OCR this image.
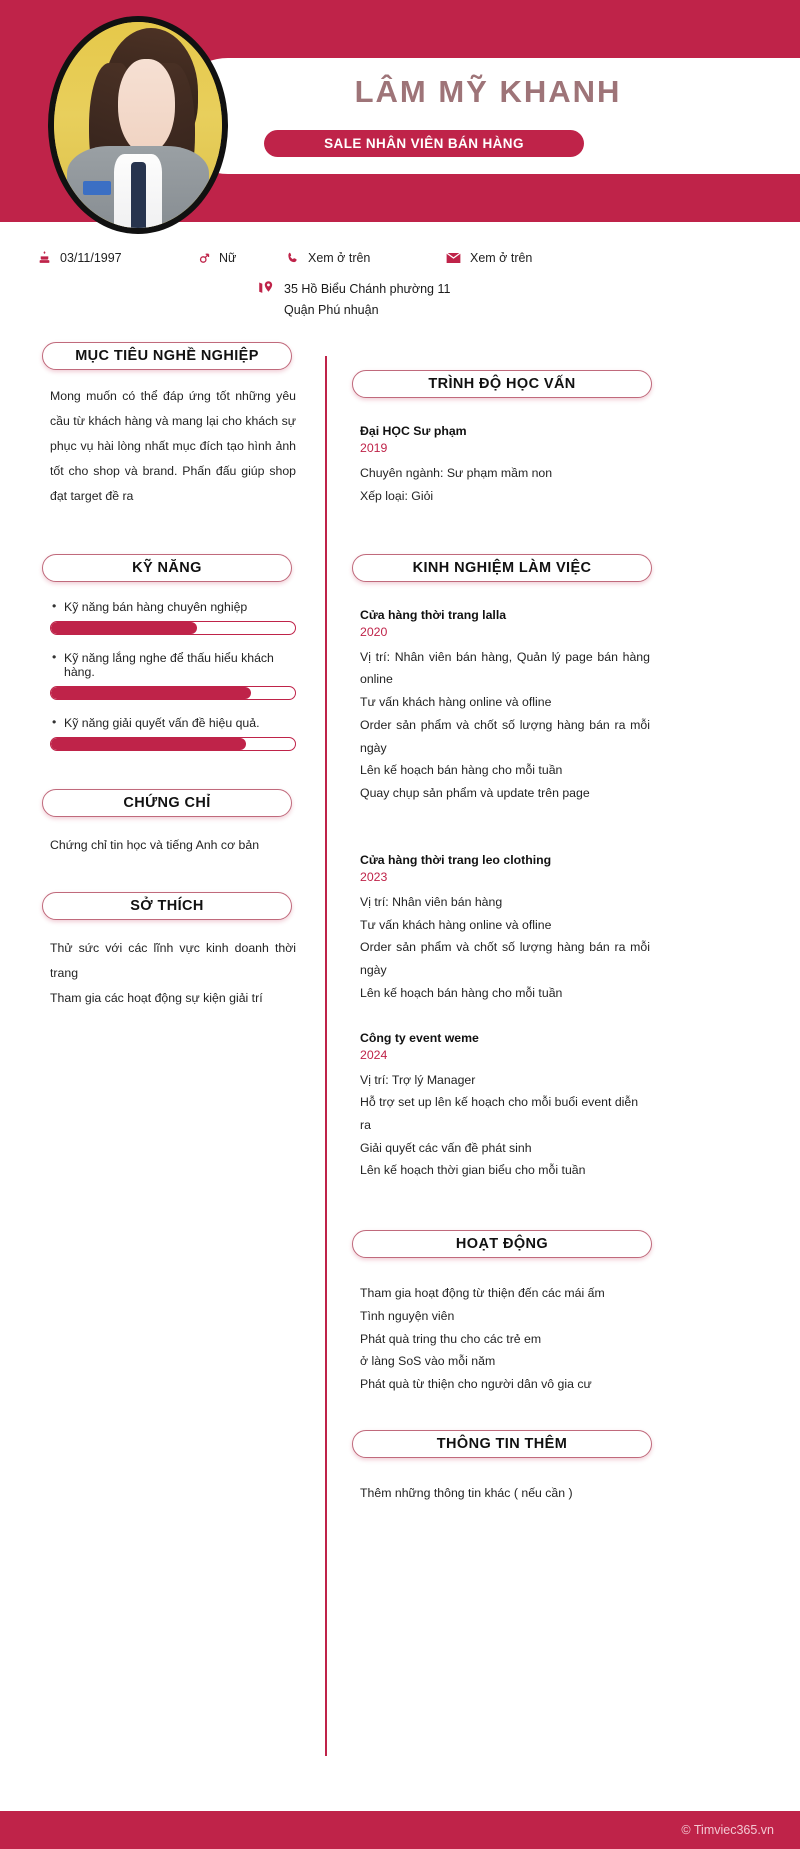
LÂM MỸ KHANH
SALE NHÂN VIÊN BÁN HÀNG
03/11/1997	Nữ	Xem ở trên	Xem ở trên
35 Hồ Biểu Chánh phường 11
Quận Phú nhuận
MỤC TIÊU NGHỀ NGHIỆP

Mong muốn có thể đáp ứng tốt những yêu cầu từ khách hàng và mang lại cho khách sự phục vụ hài lòng nhất mục đích tạo hình ảnh tốt cho shop và brand. Phấn đấu giúp shop đạt target đề ra

KỸ NĂNG
• Kỹ năng bán hàng chuyên nghiệp
• Kỹ năng lắng nghe để thấu hiểu khách hàng.
• Kỹ năng giải quyết vấn đề hiệu quả.
CHỨNG CHỈ

Chứng chỉ tin học và tiếng Anh cơ bản

SỞ THÍCH

Thử sức với các lĩnh vực kinh doanh thời trang

Tham gia các hoạt động sự kiện giải trí

TRÌNH ĐỘ HỌC VẤN
Đại HỌC Sư phạm
2019
Chuyên ngành: Sư phạm mầm non
Xếp loại: Giỏi
KINH NGHIỆM LÀM VIỆC
Cửa hàng thời trang lalla
2020
Vị trí: Nhân viên bán hàng, Quản lý page bán hàng online
Tư vấn khách hàng online và ofline
Order sản phẩm và chốt số lượng hàng bán ra mỗi ngày
Lên kế hoạch bán hàng cho mỗi tuần
Quay chụp sản phẩm và update trên page
Cửa hàng thời trang leo clothing
2023
Vị trí: Nhân viên bán hàng
Tư vấn khách hàng online và ofline
Order sản phẩm và chốt số lượng hàng bán ra mỗi ngày
Lên kế hoạch bán hàng cho mỗi tuần
Công ty event weme
2024
Vị trí: Trợ lý Manager
Hỗ trợ set up lên kế hoạch cho mỗi buổi event diễn ra
Giải quyết các vấn đề phát sinh
Lên kế hoạch thời gian biểu cho mỗi tuần
HOẠT ĐỘNG
Tham gia hoạt động từ thiện đến các mái ấm
Tình nguyện viên
Phát quà tring thu cho các trẻ em
ở làng SoS vào mỗi năm
Phát quà từ thiện cho người dân vô gia cư
THÔNG TIN THÊM
Thêm những thông tin khác ( nếu cần )
© Timviec365.vn
